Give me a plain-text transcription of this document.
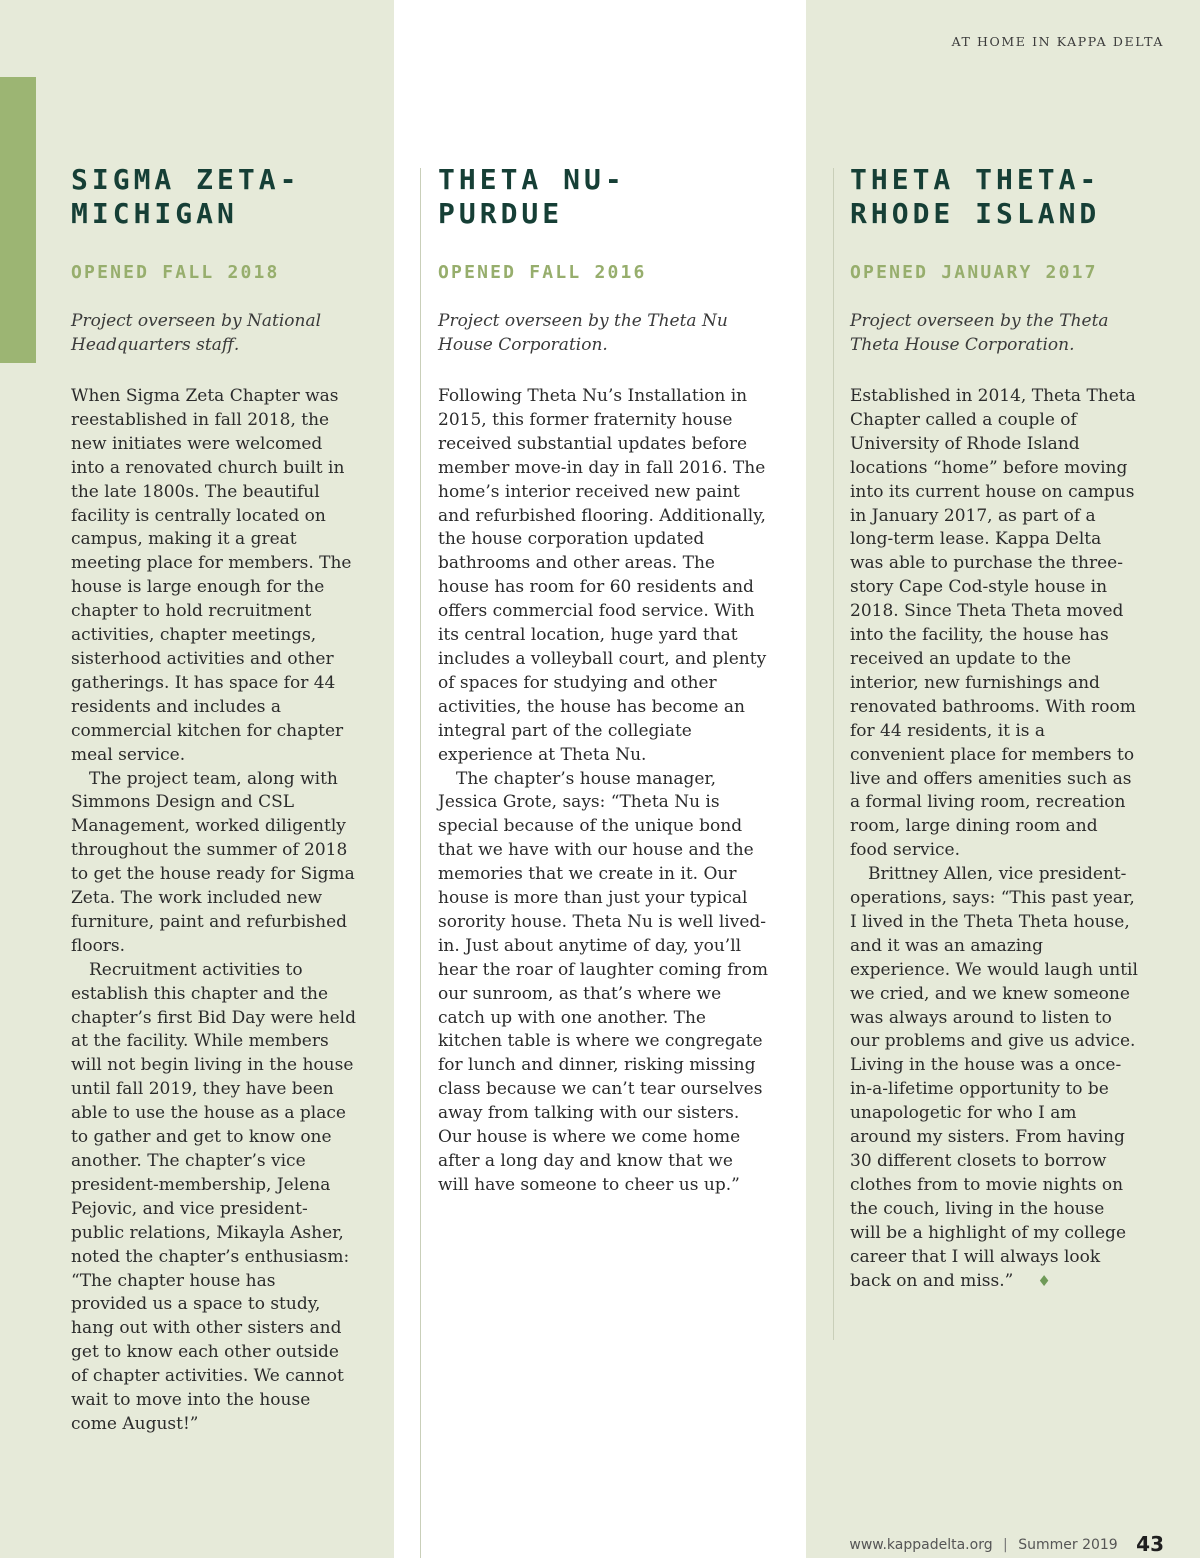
AT HOME IN KAPPA DELTA
SIGMA ZETA- MICHIGAN
OPENED FALL 2018
Project overseen by National Headquarters staff.

When Sigma Zeta Chapter was reestablished in fall 2018, the new initiates were welcomed into a renovated church built in the late 1800s. The beautiful facility is centrally located on campus, making it a great meeting place for members. The house is large enough for the chapter to hold recruitment activities, chapter meetings, sisterhood activities and other gatherings. It has space for 44 residents and includes a commercial kitchen for chapter meal service.

The project team, along with Simmons Design and CSL Management, worked diligently throughout the summer of 2018 to get the house ready for Sigma Zeta. The work included new furniture, paint and refurbished floors.

Recruitment activities to establish this chapter and the chapter’s first Bid Day were held at the facility. While members will not begin living in the house until fall 2019, they have been able to use the house as a place to gather and get to know one another. The chapter’s vice president-membership, Jelena Pejovic, and vice president-public relations, Mikayla Asher, noted the chapter’s enthusiasm: “The chapter house has provided us a space to study, hang out with other sisters and get to know each other outside of chapter activities. We cannot wait to move into the house come August!”

THETA NU- PURDUE
OPENED FALL 2016
Project overseen by the Theta Nu House Corporation.

Following Theta Nu’s Installation in 2015, this former fraternity house received substantial updates before member move-in day in fall 2016. The home’s interior received new paint and refurbished flooring. Additionally, the house corporation updated bathrooms and other areas. The house has room for 60 residents and offers commercial food service. With its central location, huge yard that includes a volleyball court, and plenty of spaces for studying and other activities, the house has become an integral part of the collegiate experience at Theta Nu.

The chapter’s house manager, Jessica Grote, says: “Theta Nu is special because of the unique bond that we have with our house and the memories that we create in it. Our house is more than just your typical sorority house. Theta Nu is well lived-in. Just about anytime of day, you’ll hear the roar of laughter coming from our sunroom, as that’s where we catch up with one another. The kitchen table is where we congregate for lunch and dinner, risking missing class because we can’t tear ourselves away from talking with our sisters. Our house is where we come home after a long day and know that we will have someone to cheer us up.”

THETA THETA- RHODE ISLAND
OPENED JANUARY 2017
Project overseen by the Theta Theta House Corporation.

Established in 2014, Theta Theta Chapter called a couple of University of Rhode Island locations “home” before moving into its current house on campus in January 2017, as part of a long-term lease. Kappa Delta was able to purchase the three-story Cape Cod-style house in 2018. Since Theta Theta moved into the facility, the house has received an update to the interior, new furnishings and renovated bathrooms. With room for 44 residents, it is a convenient place for members to live and offers amenities such as a formal living room, recreation room, large dining room and food service.

Brittney Allen, vice president-operations, says: “This past year, I lived in the Theta Theta house, and it was an amazing experience. We would laugh until we cried, and we knew someone was always around to listen to our problems and give us advice. Living in the house was a once-in-a-lifetime opportunity to be unapologetic for who I am around my sisters. From having 30 different closets to borrow clothes from to movie nights on the couch, living in the house will be a highlight of my college career that I will always look back on and miss.” ♦

www.kappadelta.org | Summer 2019 43
